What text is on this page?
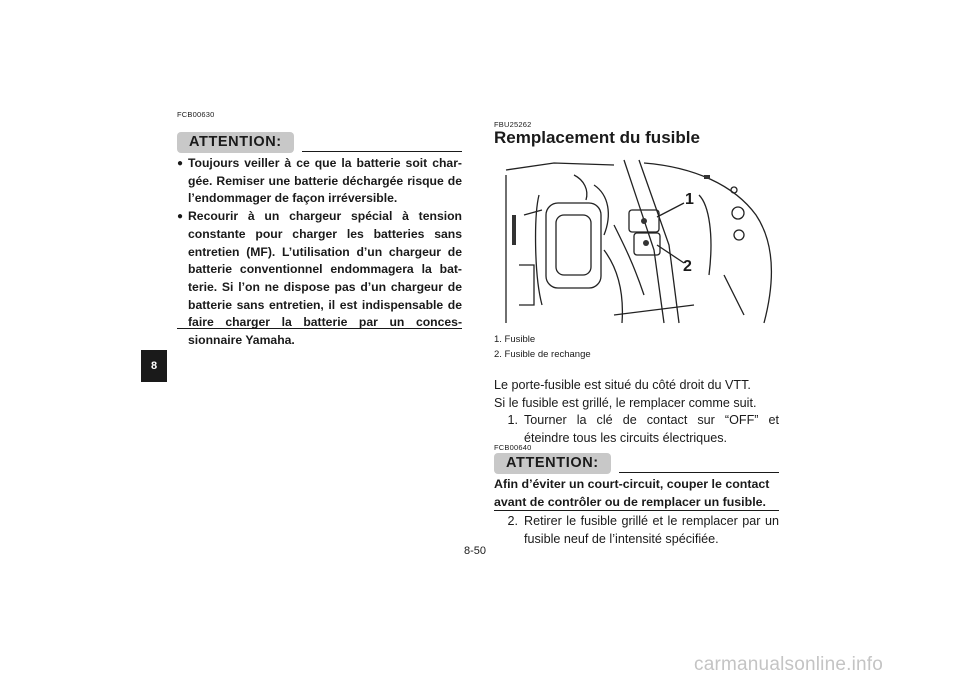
8
FCB00630
ATTENTION:
● Toujours veiller à ce que la batterie soit char-gée. Remiser une batterie déchargée risque de l’endommager de façon irréversible.
● Recourir à un chargeur spécial à tension constante pour charger les batteries sans entretien (MF). L’utilisation d’un chargeur de batterie conventionnel endommagera la bat-terie. Si l’on ne dispose pas d’un chargeur de batterie sans entretien, il est indispensable de faire charger la batterie par un conces-sionnaire Yamaha.
FBU25262
Remplacement du fusible
1
2
1. Fusible
2. Fusible de rechange
Le porte-fusible est situé du côté droit du VTT.
Si le fusible est grillé, le remplacer comme suit.
1. Tourner la clé de contact sur “OFF” et éteindre tous les circuits électriques.
FCB00640
ATTENTION:
Afin d’éviter un court-circuit, couper le contact avant de contrôler ou de remplacer un fusible.
2. Retirer le fusible grillé et le remplacer par un fusible neuf de l’intensité spécifiée.
8-50
carmanualsonline.info
